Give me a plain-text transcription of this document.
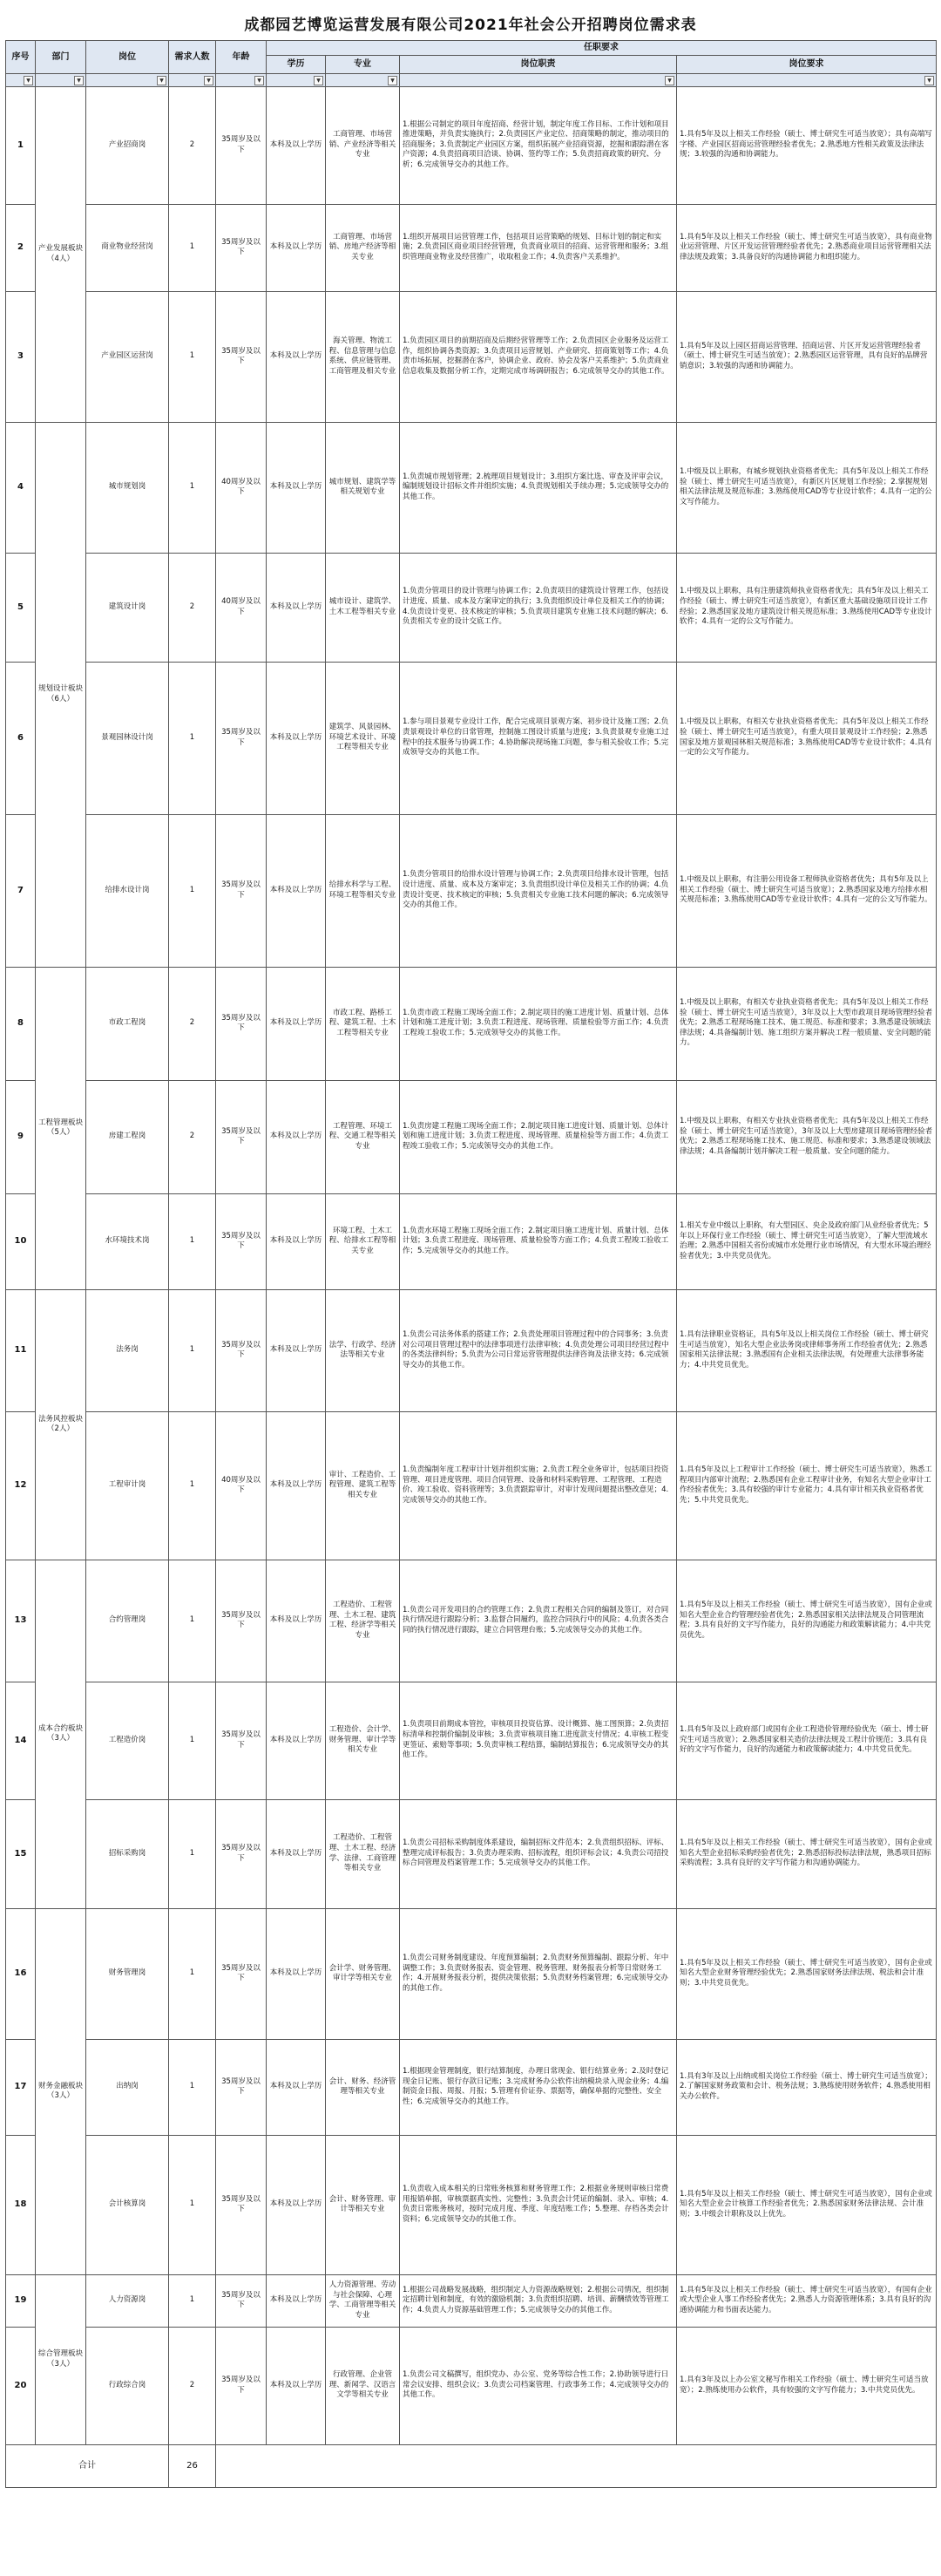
成都园艺博览运营发展有限公司2021年社会公开招聘岗位需求表
序号	部门	岗位	需求人数	年龄	任职要求			
					学历	专业	岗位职责	岗位要求

▼	▼	▼	▼	▼	▼	▼	▼	▼

1	产业发展板块（4人）	产业招商岗	2	35周岁及以下	本科及以上学历	工商管理、市场营销、产业经济等相关专业	1.根据公司制定的项目年度招商、经营计划，制定年度工作目标、工作计划和项目推进策略，并负责实施执行；2.负责园区产业定位、招商策略的制定，推动项目的招商服务；3.负责制定产业园区方案，组织拓展产业招商资源，挖掘和跟踪潜在客户资源；4.负责招商项目洽谈、协调、签约等工作；5.负责招商政策的研究、分析；6.完成领导交办的其他工作。	1.具有5年及以上相关工作经验（硕士、博士研究生可适当放宽）；具有高端写字楼、产业园区招商运营管理经验者优先；2.熟悉地方性相关政策及法律法规；3.较强的沟通和协调能力。
2		商业物业经营岗	1	35周岁及以下	本科及以上学历	工商管理、市场营销、房地产经济等相关专业	1.组织开展项目运营管理工作，包括项目运营策略的规划、目标计划的制定和实施；2.负责园区商业项目经营管理，负责商业项目的招商、运营管理和服务；3.组织管理商业物业及经营推广，收取租金工作；4.负责客户关系维护。	1.具有5年及以上相关工作经验（硕士、博士研究生可适当放宽），具有商业物业运营管理、片区开发运营管理经验者优先；2.熟悉商业项目运营管理相关法律法规及政策；3.具备良好的沟通协调能力和组织能力。
3		产业园区运营岗	1	35周岁及以下	本科及以上学历	海关管理、物流工程、信息管理与信息系统、供应链管理、工商管理及相关专业	1.负责园区项目的前期招商及后期经营管理等工作；2.负责园区企业服务及运营工作，组织协调各类资源；3.负责项目运营规划、产业研究、招商策划等工作；4.负责市场拓展，挖掘潜在客户，协调企业、政府、协会及客户关系维护；5.负责商业信息收集及数据分析工作，定期完成市场调研报告；6.完成领导交办的其他工作。	1.具有5年及以上园区招商运营管理、招商运营、片区开发运营管理经验者（硕士、博士研究生可适当放宽）；2.熟悉园区运营管理，具有良好的品牌营销意识；3.较强的沟通和协调能力。
4	规划设计板块（6人）	城市规划岗	1	40周岁及以下	本科及以上学历	城市规划、建筑学等相关规划专业	1.负责城市规划管理；2.梳理项目规划设计；3.组织方案比选、审查及评审会议，编制规划设计招标文件并组织实施；4.负责规划相关手续办理；5.完成领导交办的其他工作。	1.中级及以上职称，有城乡规划执业资格者优先；具有5年及以上相关工作经验（硕士、博士研究生可适当放宽），有新区片区规划工作经验；2.掌握规划相关法律法规及规范标准；3.熟练使用CAD等专业设计软件；4.具有一定的公文写作能力。
5		建筑设计岗	2	40周岁及以下	本科及以上学历	城市设计、建筑学、土木工程等相关专业	1.负责分管项目的设计管理与协调工作；2.负责项目的建筑设计管理工作，包括设计进度、质量、成本及方案审定的执行；3.负责组织设计单位及相关工作的协调；4.负责设计变更、技术核定的审核；5.负责项目建筑专业施工技术问题的解决；6.负责相关专业的设计交底工作。	1.中级及以上职称，具有注册建筑师执业资格者优先；具有5年及以上相关工作经验（硕士、博士研究生可适当放宽），有新区重大基础设施项目设计工作经验；2.熟悉国家及地方建筑设计相关规范标准；3.熟练使用CAD等专业设计软件；4.具有一定的公文写作能力。
6		景观园林设计岗	1	35周岁及以下	本科及以上学历	建筑学、风景园林、环境艺术设计、环境工程等相关专业	1.参与项目景观专业设计工作，配合完成项目景观方案、初步设计及施工图；2.负责景观设计单位的日常管理，控制施工图设计质量与进度；3.负责景观专业施工过程中的技术服务与协调工作；4.协助解决现场施工问题，参与相关验收工作；5.完成领导交办的其他工作。	1.中级及以上职称，有相关专业执业资格者优先；具有5年及以上相关工作经验（硕士、博士研究生可适当放宽），有重大项目景观设计工作经验；2.熟悉国家及地方景观园林相关规范标准；3.熟练使用CAD等专业设计软件；4.具有一定的公文写作能力。
7		给排水设计岗	1	35周岁及以下	本科及以上学历	给排水科学与工程、环境工程等相关专业	1.负责分管项目的给排水设计管理与协调工作；2.负责项目给排水设计管理，包括设计进度、质量、成本及方案审定；3.负责组织设计单位及相关工作的协调；4.负责设计变更、技术核定的审核；5.负责相关专业施工技术问题的解决；6.完成领导交办的其他工作。	1.中级及以上职称，有注册公用设备工程师执业资格者优先；具有5年及以上相关工作经验（硕士、博士研究生可适当放宽）；2.熟悉国家及地方给排水相关规范标准；3.熟练使用CAD等专业设计软件；4.具有一定的公文写作能力。
8	工程管理板块（5人）	市政工程岗	2	35周岁及以下	本科及以上学历	市政工程、路桥工程、建筑工程、土木工程等相关专业	1.负责市政工程施工现场全面工作；2.制定项目的施工进度计划、质量计划、总体计划和施工进度计划；3.负责工程进度、现场管理、质量检验等方面工作；4.负责工程竣工验收工作；5.完成领导交办的其他工作。	1.中级及以上职称，有相关专业执业资格者优先；具有5年及以上相关工作经验（硕士、博士研究生可适当放宽），3年及以上大型市政项目现场管理经验者优先；2.熟悉工程现场施工技术、施工规范、标准和要求；3.熟悉建设领域法律法规；4.具备编制计划、施工组织方案并解决工程一般质量、安全问题的能力。
9		房建工程岗	2	35周岁及以下	本科及以上学历	工程管理、环境工程、交通工程等相关专业	1.负责房建工程施工现场全面工作；2.制定项目施工进度计划、质量计划、总体计划和施工进度计划；3.负责工程进度、现场管理、质量检验等方面工作；4.负责工程竣工验收工作；5.完成领导交办的其他工作。	1.中级及以上职称，有相关专业执业资格者优先；具有5年及以上相关工作经验（硕士、博士研究生可适当放宽），3年及以上大型房建项目现场管理经验者优先；2.熟悉工程现场施工技术、施工规范、标准和要求；3.熟悉建设领域法律法规；4.具备编制计划并解决工程一般质量、安全问题的能力。
10		水环境技术岗	1	35周岁及以下	本科及以上学历	环境工程、土木工程、给排水工程等相关专业	1.负责水环境工程施工现场全面工作；2.制定项目施工进度计划、质量计划、总体计划；3.负责工程进度、现场管理、质量检验等方面工作；4.负责工程竣工验收工作；5.完成领导交办的其他工作。	1.相关专业中级以上职称，有大型园区、央企及政府部门从业经验者优先；5年以上环保行业工作经验（硕士、博士研究生可适当放宽），了解大型流域水治理；2.熟悉中国相关省份或城市水处理行业市场情况，有大型水环境治理经验者优先；3.中共党员优先。
11	法务风控板块（2人）	法务岗	1	35周岁及以下	本科及以上学历	法学、行政学、经济法等相关专业	1.负责公司法务体系的搭建工作；2.负责处理项目管理过程中的合同事务；3.负责对公司项目管理过程中的法律事项进行法律审核；4.负责处理公司项目经营过程中的各类法律纠纷；5.负责为公司日常运营管理提供法律咨询及法律支持；6.完成领导交办的其他工作。	1.具有法律职业资格证，具有5年及以上相关岗位工作经验（硕士、博士研究生可适当放宽），知名大型企业法务岗或律师事务所工作经验者优先；2.熟悉国家相关法律法规；3.熟悉国有企业相关法律法规，有处理重大法律事务能力；4.中共党员优先。
12		工程审计岗	1	40周岁及以下	本科及以上学历	审计、工程造价、工程管理、建筑工程等相关专业	1.负责编制年度工程审计计划并组织实施；2.负责工程全业务审计，包括项目投资管理、项目进度管理、项目合同管理、设备和材料采购管理、工程管理、工程造价、竣工验收、资料管理等；3.负责跟踪审计，对审计发现问题提出整改意见；4.完成领导交办的其他工作。	1.具有5年及以上工程审计工作经验（硕士、博士研究生可适当放宽），熟悉工程项目内部审计流程；2.熟悉国有企业工程审计业务，有知名大型企业审计工作经验者优先；3.具有较强的审计专业能力；4.具有审计相关执业资格者优先；5.中共党员优先。
13	成本合约板块（3人）	合约管理岗	1	35周岁及以下	本科及以上学历	工程造价、工程管理、土木工程、建筑工程、经济学等相关专业	1.负责公司开发项目的合约管理工作；2.负责工程相关合同的编制及签订，对合同执行情况进行跟踪分析；3.监督合同履约，监控合同执行中的风险；4.负责各类合同的执行情况进行跟踪，建立合同管理台账；5.完成领导交办的其他工作。	1.具有5年及以上相关工作经验（硕士、博士研究生可适当放宽），国有企业或知名大型企业合约管理经验者优先；2.熟悉国家相关法律法规及合同管理流程；3.具有良好的文字写作能力，良好的沟通能力和政策解读能力；4.中共党员优先。
14		工程造价岗	1	35周岁及以下	本科及以上学历	工程造价、会计学、财务管理、审计学等相关专业	1.负责项目前期成本管控，审核项目投资估算、设计概算、施工图预算；2.负责招标清单和控制价编制及审核；3.负责审核项目施工进度款支付情况；4.审核工程变更签证、索赔等事项；5.负责审核工程结算，编制结算报告；6.完成领导交办的其他工作。	1.具有5年及以上政府部门或国有企业工程造价管理经验优先（硕士、博士研究生可适当放宽）；2.熟悉国家相关造价法律法规及工程计价规范；3.具有良好的文字写作能力，良好的沟通能力和政策解读能力；4.中共党员优先。
15		招标采购岗	1	35周岁及以下	本科及以上学历	工程造价、工程管理、土木工程、经济学、法律、工商管理等相关专业	1.负责公司招标采购制度体系建设，编制招标文件范本；2.负责组织招标、评标、整理完成评标报告；3.负责办理采购、招标流程，组织评标会议；4.负责公司招投标合同管理及档案管理工作；5.完成领导交办的其他工作。	1.具有5年及以上相关工作经验（硕士、博士研究生可适当放宽），国有企业或知名大型企业招标采购经验者优先；2.熟悉招标投标法律法规，熟悉项目招标采购流程；3.具有良好的文字写作能力和沟通协调能力。
16	财务金融板块（3人）	财务管理岗	1	35周岁及以下	本科及以上学历	会计学、财务管理、审计学等相关专业	1.负责公司财务制度建设、年度预算编制；2.负责财务预算编制、跟踪分析、年中调整工作；3.负责财务报表、资金管理、税务管理、财务报表分析等日常财务工作；4.开展财务报表分析，提供决策依据；5.负责财务档案管理；6.完成领导交办的其他工作。	1.具有5年及以上相关工作经验（硕士、博士研究生可适当放宽），国有企业或知名大型企业财务管理经验优先；2.熟悉国家财务法律法规、税法和会计准则；3.中共党员优先。
17		出纳岗	1	35周岁及以下	本科及以上学历	会计、财务、经济管理等相关专业	1.根据现金管理制度，银行结算制度，办理日常现金、银行结算业务；2.及时登记现金日记账、银行存款日记账；3.完成财务办公软件出纳模块录入现金业务；4.编制资金日报、周报、月报；5.管理有价证券、票据等，确保单据的完整性、安全性；6.完成领导交办的其他工作。	1.具有3年及以上出纳或相关岗位工作经验（硕士、博士研究生可适当放宽）；2.了解国家财务政策和会计、税务法规；3.熟练使用财务软件；4.熟悉使用相关办公软件。
18		会计核算岗	1	35周岁及以下	本科及以上学历	会计、财务管理、审计等相关专业	1.负责收入成本相关的日常账务核算和财务管理工作；2.根据业务规则审核日常费用报销单据，审核票据真实性、完整性；3.负责会计凭证的编制、录入、审核；4.负责日常账务核对，按时完成月度、季度、年度结账工作；5.整理、存档各类会计资料；6.完成领导交办的其他工作。	1.具有5年及以上相关工作经验（硕士、博士研究生可适当放宽），国有企业或知名大型企业会计核算工作经验者优先；2.熟悉国家财务法律法规、会计准则；3.中级会计职称及以上优先。
19	综合管理板块（3人）	人力资源岗	1	35周岁及以下	本科及以上学历	人力资源管理、劳动与社会保障、心理学、工商管理等相关专业	1.根据公司战略发展战略，组织制定人力资源战略规划；2.根据公司情况，组织制定招聘计划和制度，有效的激励机制；3.负责组织招聘、培训、薪酬绩效等管理工作；4.负责人力资源基础管理工作；5.完成领导交办的其他工作。	1.具有5年及以上相关工作经验（硕士、博士研究生可适当放宽），有国有企业或大型企业人事工作经验者优先；2.熟悉人力资源管理体系；3.具有良好的沟通协调能力和书面表达能力。
20		行政综合岗	2	35周岁及以下	本科及以上学历	行政管理、企业管理、新闻学、汉语言文学等相关专业	1.负责公司文稿撰写，组织党办、办公室、党务等综合性工作；2.协助领导进行日常会议安排、组织会议；3.负责公司档案管理、行政事务工作；4.完成领导交办的其他工作。	1.具有3年及以上办公室文秘写作相关工作经验（硕士、博士研究生可适当放宽）；2.熟练使用办公软件，具有较强的文字写作能力；3.中共党员优先。
合计			26					
